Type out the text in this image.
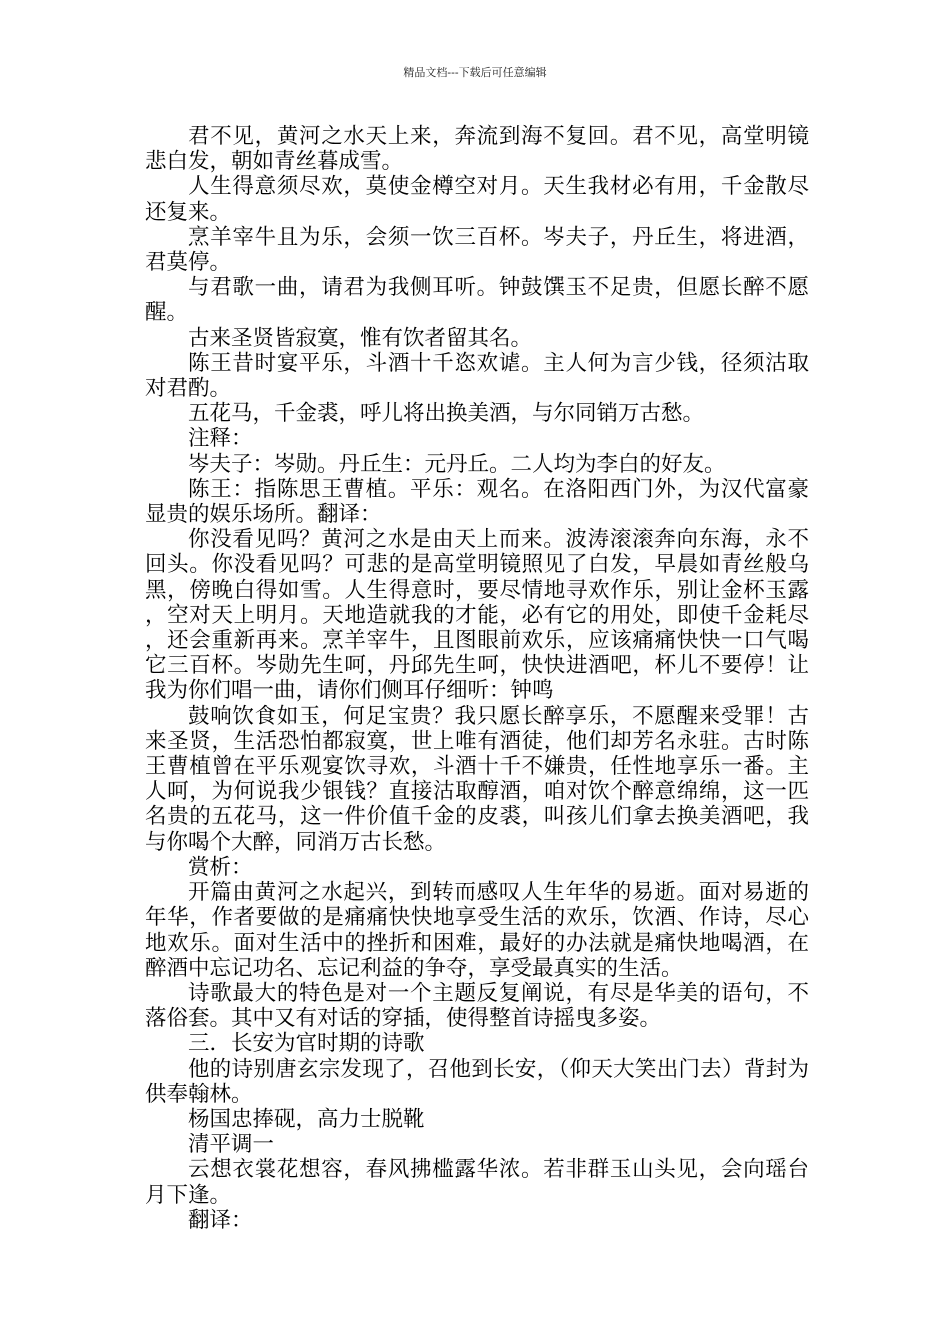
精品文档---下载后可任意编辑

君不见，黄河之水天上来，奔流到海不复回。君不见，高堂明镜悲白发，朝如青丝暮成雪。

人生得意须尽欢，莫使金樽空对月。天生我材必有用，千金散尽还复来。

烹羊宰牛且为乐，会须一饮三百杯。岑夫子，丹丘生，将进酒，君莫停。

与君歌一曲，请君为我侧耳听。钟鼓馔玉不足贵，但愿长醉不愿醒。

古来圣贤皆寂寞，惟有饮者留其名。

陈王昔时宴平乐，斗酒十千恣欢谑。主人何为言少钱，径须沽取对君酌。

五花马，千金裘，呼儿将出换美酒，与尔同销万古愁。

注释：

岑夫子：岑勋。丹丘生：元丹丘。二人均为李白的好友。

陈王：指陈思王曹植。平乐：观名。在洛阳西门外，为汉代富豪显贵的娱乐场所。翻译：

你没看见吗？黄河之水是由天上而来。波涛滚滚奔向东海，永不回头。你没看见吗？可悲的是高堂明镜照见了白发，早晨如青丝般乌黑，傍晚白得如雪。人生得意时，要尽情地寻欢作乐，别让金杯玉露，空对天上明月。天地造就我的才能，必有它的用处，即使千金耗尽，还会重新再来。烹羊宰牛，且图眼前欢乐，应该痛痛快快一口气喝它三百杯。岑勋先生呵，丹邱先生呵，快快进酒吧，杯儿不要停！让我为你们唱一曲，请你们侧耳仔细听：钟鸣

鼓响饮食如玉，何足宝贵？我只愿长醉享乐，不愿醒来受罪！古来圣贤，生活恐怕都寂寞，世上唯有酒徒，他们却芳名永驻。古时陈王曹植曾在平乐观宴饮寻欢，斗酒十千不嫌贵，任性地享乐一番。主人呵，为何说我少银钱？直接沽取醇酒，咱对饮个醉意绵绵，这一匹名贵的五花马，这一件价值千金的皮裘，叫孩儿们拿去换美酒吧，我与你喝个大醉，同消万古长愁。

赏析：

开篇由黄河之水起兴，到转而感叹人生年华的易逝。面对易逝的年华，作者要做的是痛痛快快地享受生活的欢乐，饮酒、作诗，尽心地欢乐。面对生活中的挫折和困难，最好的办法就是痛快地喝酒，在醉酒中忘记功名、忘记利益的争夺，享受最真实的生活。

诗歌最大的特色是对一个主题反复阐说，有尽是华美的语句，不落俗套。其中又有对话的穿插，使得整首诗摇曳多姿。

三．长安为官时期的诗歌

他的诗别唐玄宗发现了，召他到长安，（仰天大笑出门去）背封为供奉翰林。

杨国忠捧砚，高力士脱靴

清平调一

云想衣裳花想容，春风拂槛露华浓。若非群玉山头见，会向瑶台月下逢。

翻译：
